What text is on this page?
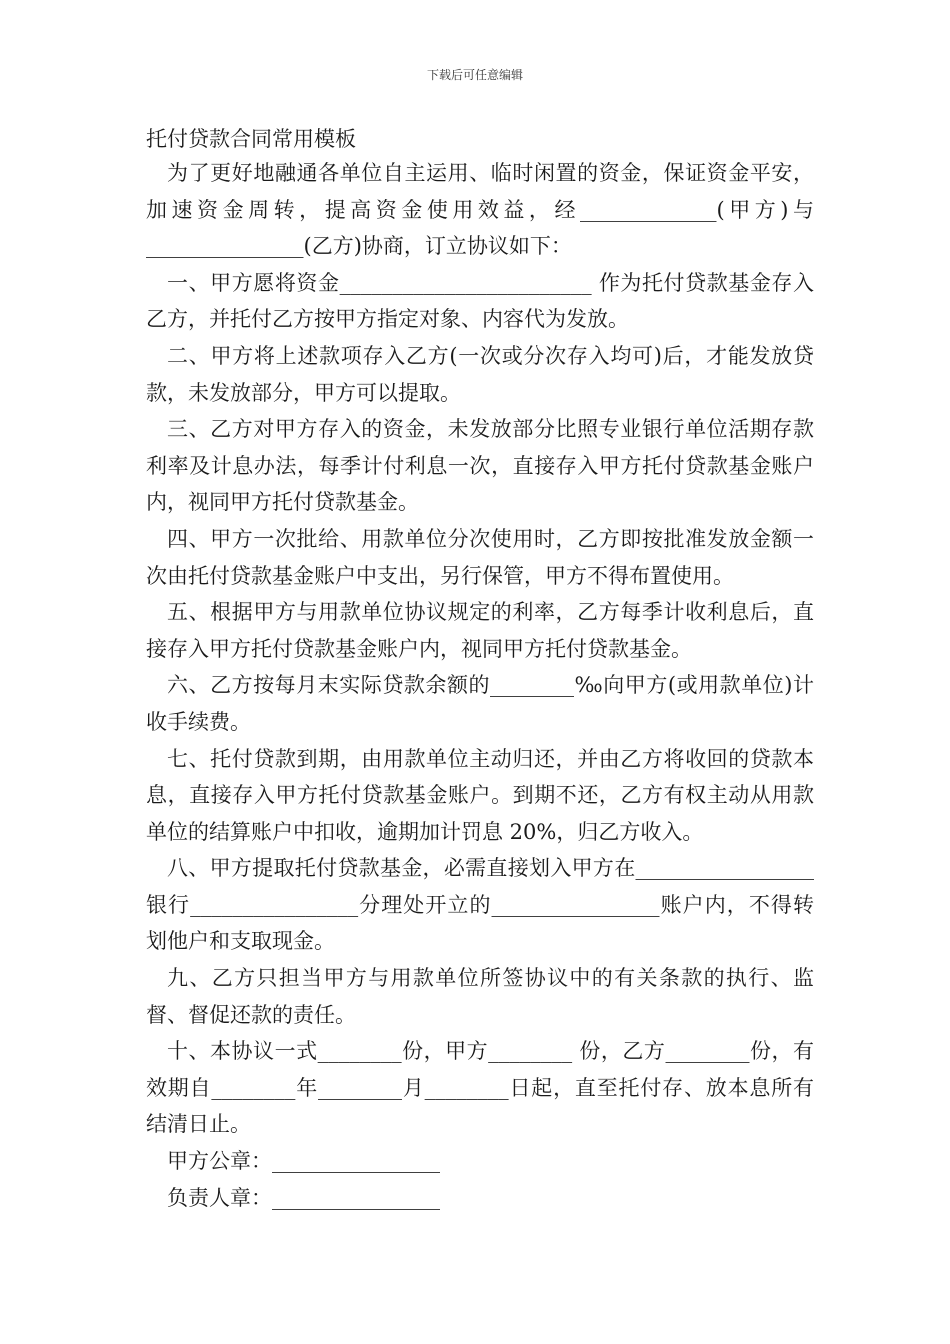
下载后可任意编辑
托付贷款合同常用模板

为了更好地融通各单位自主运用、临时闲置的资金，保证资金平安，加速资金周转，提高资金使用效益，经_____________(甲方)与_______________(乙方)协商，订立协议如下：

一、甲方愿将资金________________________ 作为托付贷款基金存入乙方，并托付乙方按甲方指定对象、内容代为发放。

二、甲方将上述款项存入乙方(一次或分次存入均可)后，才能发放贷款，未发放部分，甲方可以提取。

三、乙方对甲方存入的资金，未发放部分比照专业银行单位活期存款利率及计息办法，每季计付利息一次，直接存入甲方托付贷款基金账户内，视同甲方托付贷款基金。

四、甲方一次批给、用款单位分次使用时，乙方即按批准发放金额一次由托付贷款基金账户中支出，另行保管，甲方不得布置使用。

五、根据甲方与用款单位协议规定的利率，乙方每季计收利息后，直接存入甲方托付贷款基金账户内，视同甲方托付贷款基金。

六、乙方按每月末实际贷款余额的________‰向甲方(或用款单位)计收手续费。

七、托付贷款到期，由用款单位主动归还，并由乙方将收回的贷款本息，直接存入甲方托付贷款基金账户。到期不还，乙方有权主动从用款单位的结算账户中扣收，逾期加计罚息 20%，归乙方收入。

八、甲方提取托付贷款基金，必需直接划入甲方在_________________银行________________分理处开立的________________账户内，不得转划他户和支取现金。

九、乙方只担当甲方与用款单位所签协议中的有关条款的执行、监督、督促还款的责任。

十、本协议一式________份，甲方________ 份，乙方________份，有效期自________年________月________日起，直至托付存、放本息所有结清日止。

甲方公章：________________

负责人章：________________
